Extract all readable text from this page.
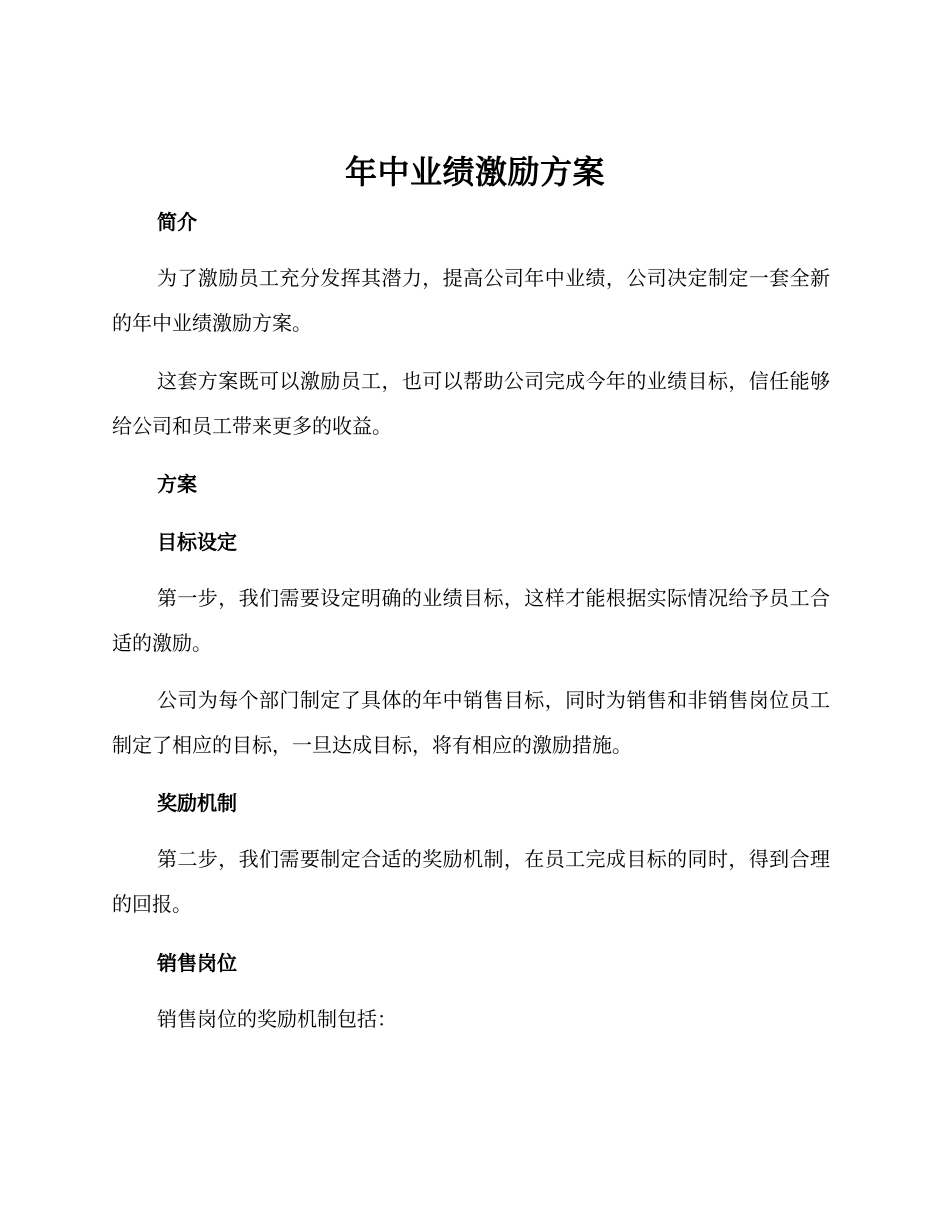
年中业绩激励方案
简介

为了激励员工充分发挥其潜力，提高公司年中业绩，公司决定制定一套全新的年中业绩激励方案。

这套方案既可以激励员工，也可以帮助公司完成今年的业绩目标，信任能够给公司和员工带来更多的收益。

方案
目标设定

第一步，我们需要设定明确的业绩目标，这样才能根据实际情况给予员工合适的激励。

公司为每个部门制定了具体的年中销售目标，同时为销售和非销售岗位员工制定了相应的目标，一旦达成目标，将有相应的激励措施。

奖励机制

第二步，我们需要制定合适的奖励机制，在员工完成目标的同时，得到合理的回报。

销售岗位

销售岗位的奖励机制包括：
